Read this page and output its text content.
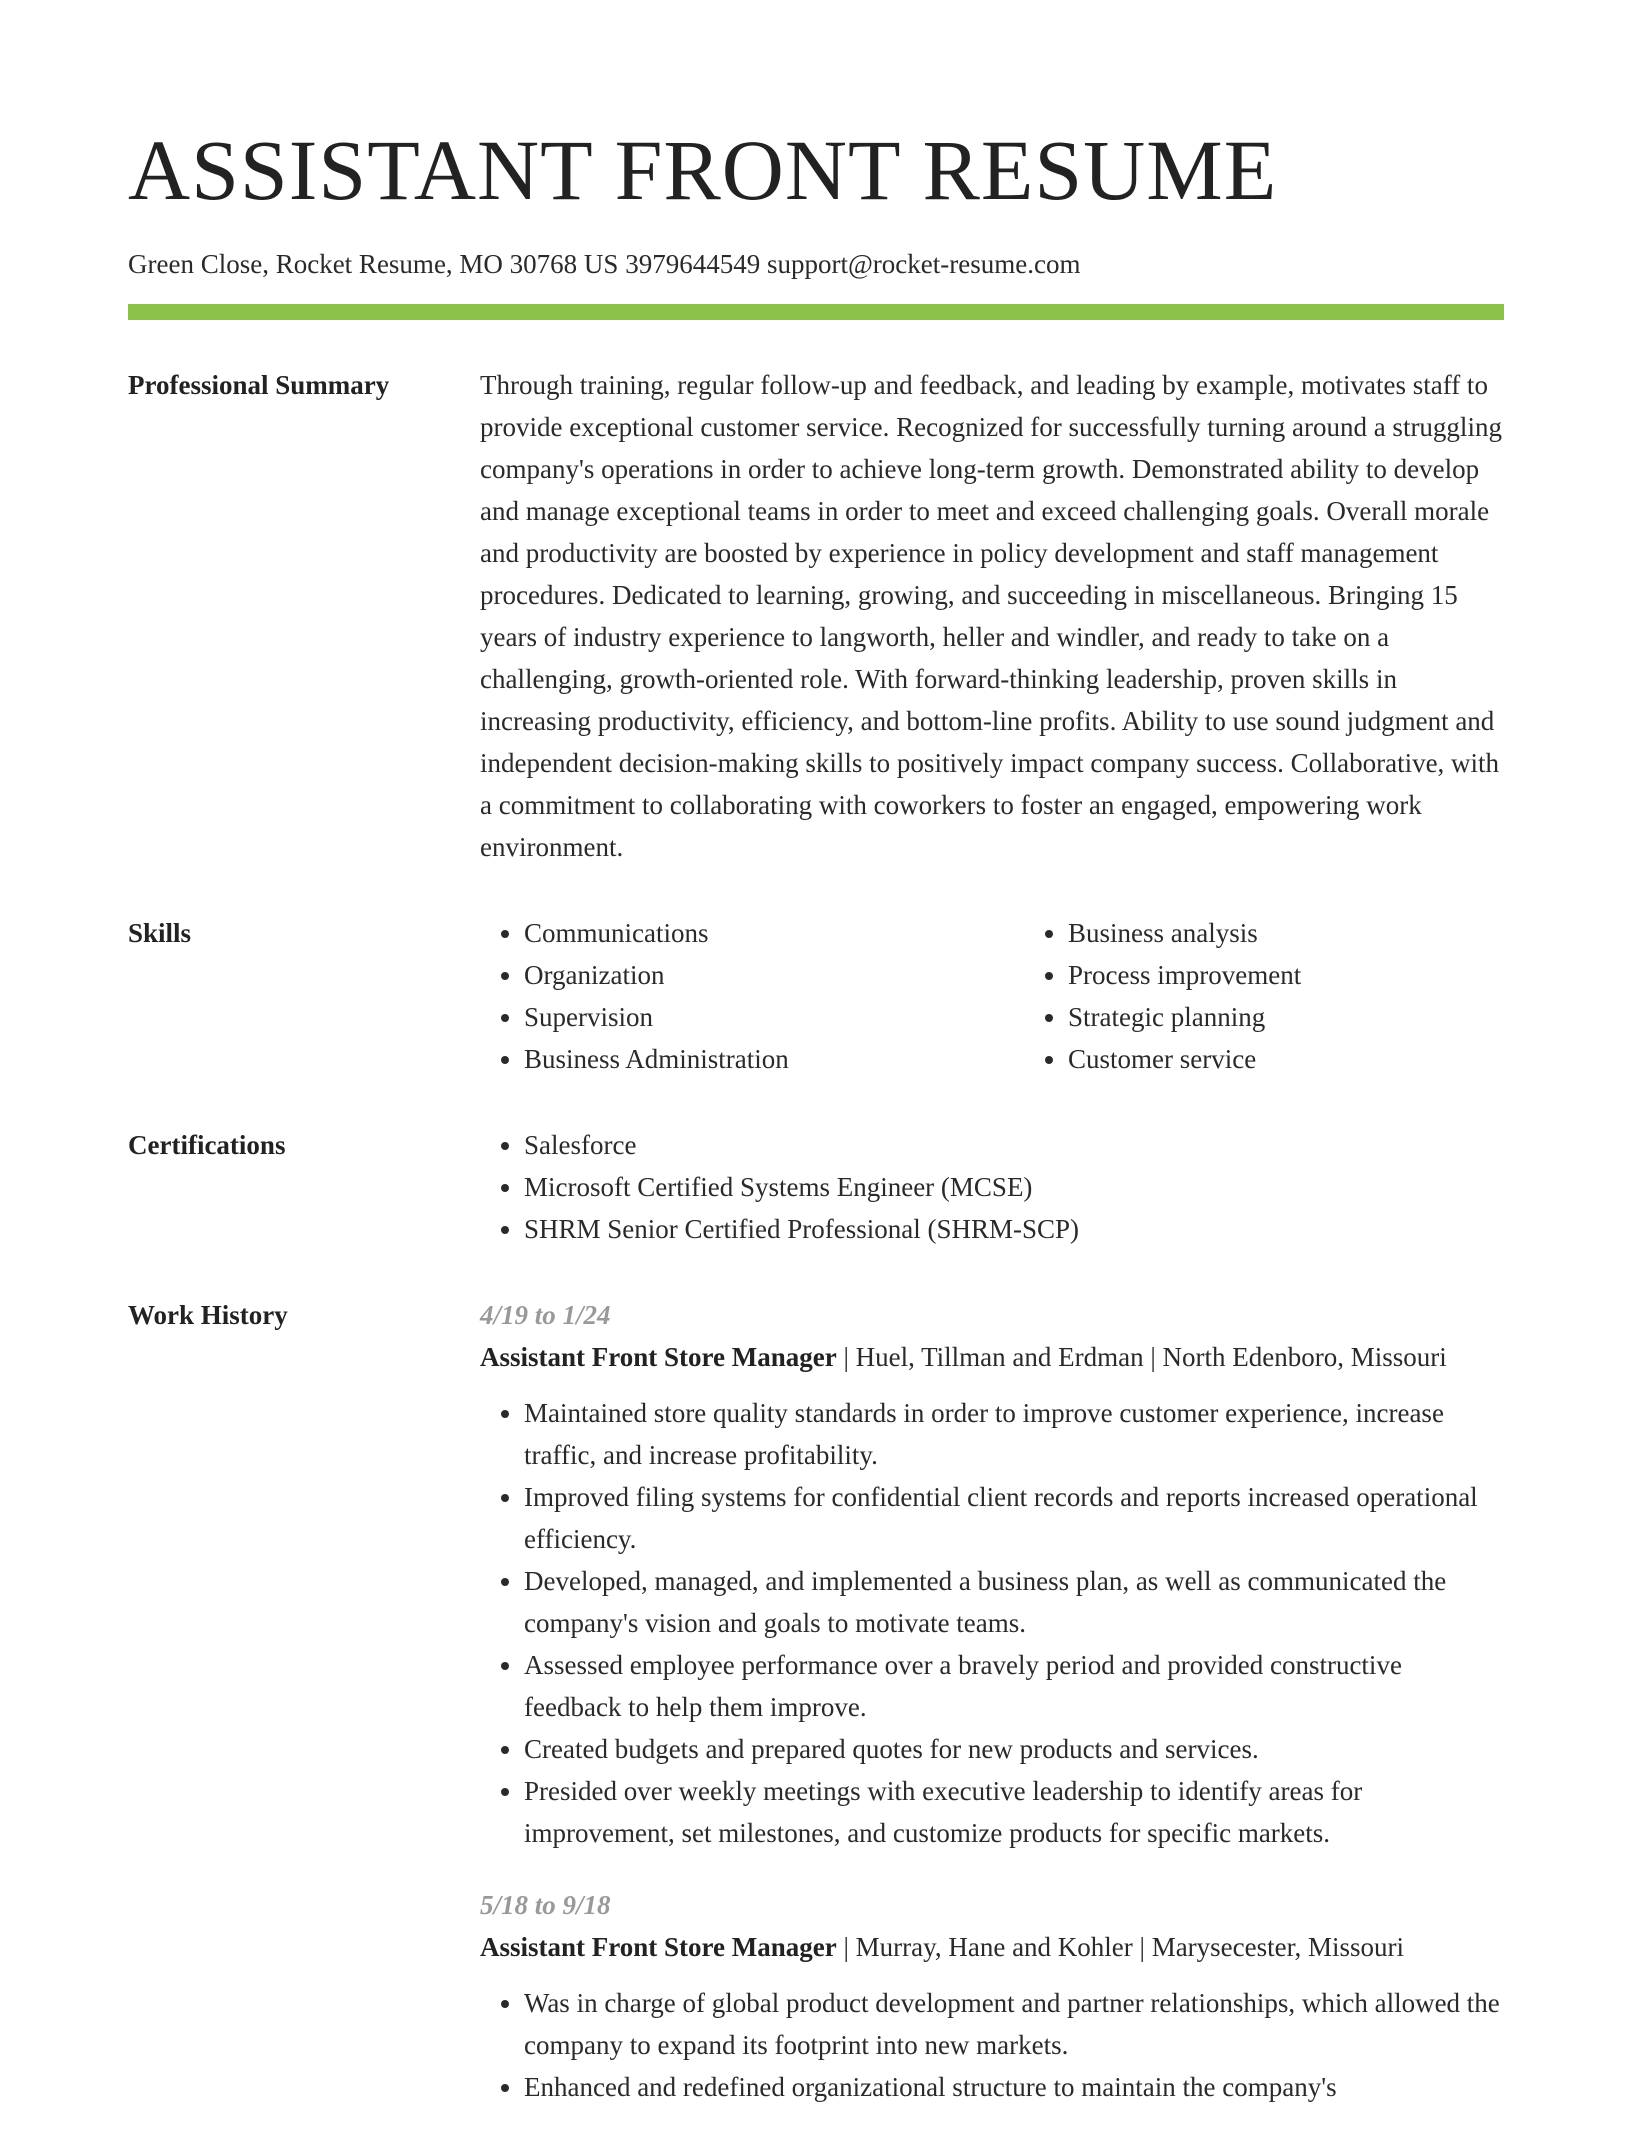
ASSISTANT FRONT RESUME
Green Close, Rocket Resume, MO 30768 US 3979644549 support@rocket-resume.com
Professional Summary	Through training, regular follow-up and feedback, and leading by example, motivates staff to provide exceptional customer service. Recognized for successfully turning around a struggling company's operations in order to achieve long-term growth. Demonstrated ability to develop and manage exceptional teams in order to meet and exceed challenging goals. Overall morale and productivity are boosted by experience in policy development and staff management procedures. Dedicated to learning, growing, and succeeding in miscellaneous. Bringing 15 years of industry experience to langworth, heller and windler, and ready to take on a challenging, growth-oriented role. With forward-thinking leadership, proven skills in increasing productivity, efficiency, and bottom-line profits. Ability to use sound judgment and independent decision-making skills to positively impact company success. Collaborative, with a commitment to collaborating with coworkers to foster an engaged, empowering work environment.

Skills	• Communications
• Organization
• Supervision
• Business Administration
• Business analysis
• Process improvement
• Strategic planning
• Customer service
Certifications	• Salesforce
• Microsoft Certified Systems Engineer (MCSE)
• SHRM Senior Certified Professional (SHRM-SCP)
Work History	4/19 to 1/24
Assistant Front Store Manager | Huel, Tillman and Erdman | North Edenboro, Missouri
• Maintained store quality standards in order to improve customer experience, increase traffic, and increase profitability.
• Improved filing systems for confidential client records and reports increased operational efficiency.
• Developed, managed, and implemented a business plan, as well as communicated the company's vision and goals to motivate teams.
• Assessed employee performance over a bravely period and provided constructive feedback to help them improve.
• Created budgets and prepared quotes for new products and services.
• Presided over weekly meetings with executive leadership to identify areas for improvement, set milestones, and customize products for specific markets.
5/18 to 9/18
Assistant Front Store Manager | Murray, Hane and Kohler | Marysecester, Missouri
• Was in charge of global product development and partner relationships, which allowed the company to expand its footprint into new markets.
• Enhanced and redefined organizational structure to maintain the company's
